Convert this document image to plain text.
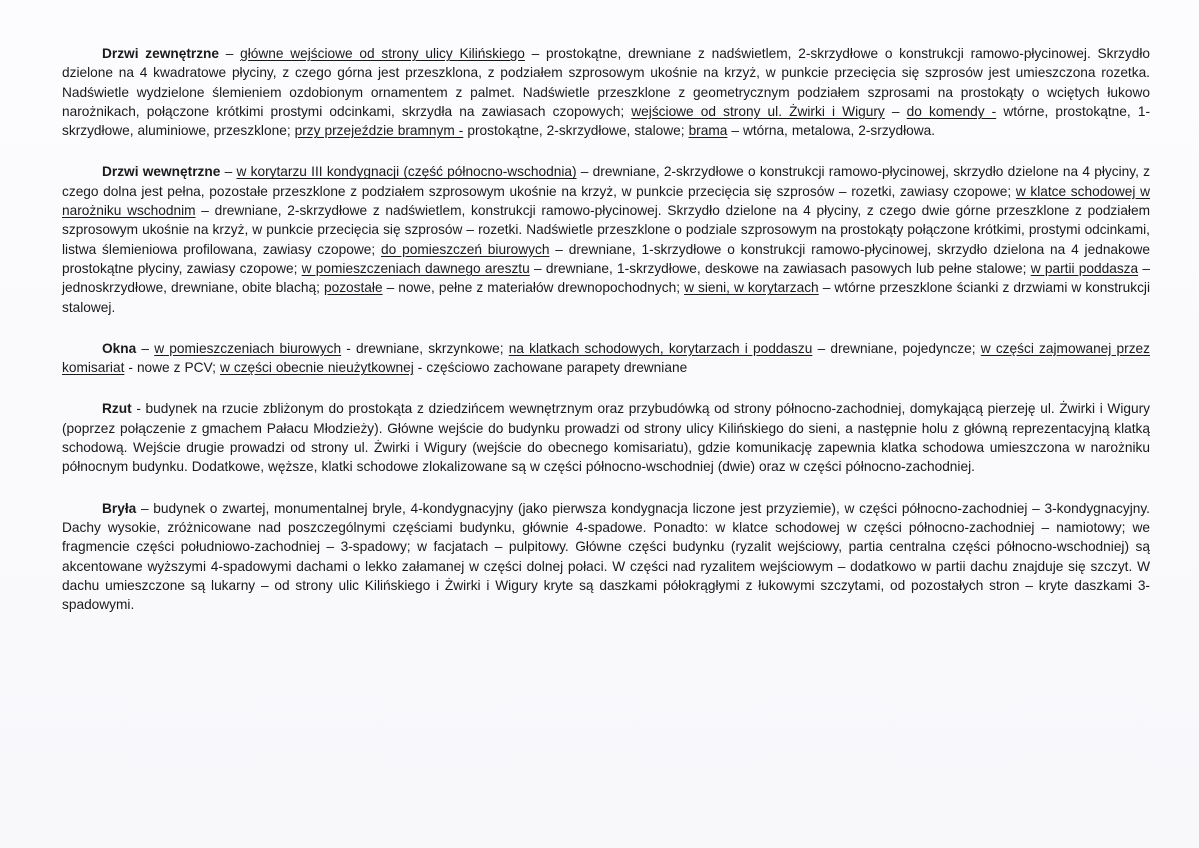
Drzwi zewnętrzne – główne wejściowe od strony ulicy Kilińskiego – prostokątne, drewniane z nadświetlem, 2-skrzydłowe o konstrukcji ramowo-płycinowej. Skrzydło dzielone na 4 kwadratowe płyciny, z czego górna jest przeszklona, z podziałem szprosowym ukośnie na krzyż, w punkcie przecięcia się szprosów jest umieszczona rozetka. Nadświetle wydzielone ślemieniem ozdobionym ornamentem z palmet. Nadświetle przeszklone z geometrycznym podziałem szprosami na prostokąty o wciętych łukowo narożnikach, połączone krótkimi prostymi odcinkami, skrzydła na zawiasach czopowych; wejściowe od strony ul. Żwirki i Wigury – do komendy - wtórne, prostokątne, 1-skrzydłowe, aluminiowe, przeszklone; przy przejeździe bramnym - prostokątne, 2-skrzydłowe, stalowe; brama – wtórna, metalowa, 2-srzydłowa.

Drzwi wewnętrzne – w korytarzu III kondygnacji (część północno-wschodnia) – drewniane, 2-skrzydłowe o konstrukcji ramowo-płycinowej, skrzydło dzielone na 4 płyciny, z czego dolna jest pełna, pozostałe przeszklone z podziałem szprosowym ukośnie na krzyż, w punkcie przecięcia się szprosów – rozetki, zawiasy czopowe; w klatce schodowej w narożniku wschodnim – drewniane, 2-skrzydłowe z nadświetlem, konstrukcji ramowo-płycinowej. Skrzydło dzielone na 4 płyciny, z czego dwie górne przeszklone z podziałem szprosowym ukośnie na krzyż, w punkcie przecięcia się szprosów – rozetki. Nadświetle przeszklone o podziale szprosowym na prostokąty połączone krótkimi, prostymi odcinkami, listwa ślemieniowa profilowana, zawiasy czopowe; do pomieszczeń biurowych – drewniane, 1-skrzydłowe o konstrukcji ramowo-płycinowej, skrzydło dzielona na 4 jednakowe prostokątne płyciny, zawiasy czopowe; w pomieszczeniach dawnego aresztu – drewniane, 1-skrzydłowe, deskowe na zawiasach pasowych lub pełne stalowe; w partii poddasza – jednoskrzydłowe, drewniane, obite blachą; pozostałe – nowe, pełne z materiałów drewnopochodnych; w sieni, w korytarzach – wtórne przeszklone ścianki z drzwiami w konstrukcji stalowej.

Okna – w pomieszczeniach biurowych - drewniane, skrzynkowe; na klatkach schodowych, korytarzach i poddaszu – drewniane, pojedyncze; w części zajmowanej przez komisariat - nowe z PCV; w części obecnie nieużytkownej - częściowo zachowane parapety drewniane

Rzut - budynek na rzucie zbliżonym do prostokąta z dziedzińcem wewnętrznym oraz przybudówką od strony północno-zachodniej, domykającą pierzeję ul. Żwirki i Wigury (poprzez połączenie z gmachem Pałacu Młodzieży). Główne wejście do budynku prowadzi od strony ulicy Kilińskiego do sieni, a następnie holu z główną reprezentacyjną klatką schodową. Wejście drugie prowadzi od strony ul. Żwirki i Wigury (wejście do obecnego komisariatu), gdzie komunikację zapewnia klatka schodowa umieszczona w narożniku północnym budynku. Dodatkowe, węższe, klatki schodowe zlokalizowane są w części północno-wschodniej (dwie) oraz w części północno-zachodniej.

Bryła – budynek o zwartej, monumentalnej bryle, 4-kondygnacyjny (jako pierwsza kondygnacja liczone jest przyziemie), w części północno-zachodniej – 3-kondygnacyjny. Dachy wysokie, zróżnicowane nad poszczególnymi częściami budynku, głównie 4-spadowe. Ponadto: w klatce schodowej w części północno-zachodniej – namiotowy; we fragmencie części południowo-zachodniej – 3-spadowy; w facjatach – pulpitowy. Główne części budynku (ryzalit wejściowy, partia centralna części północno-wschodniej) są akcentowane wyższymi 4-spadowymi dachami o lekko załamanej w części dolnej połaci. W części nad ryzalitem wejściowym – dodatkowo w partii dachu znajduje się szczyt. W dachu umieszczone są lukarny – od strony ulic Kilińskiego i Żwirki i Wigury kryte są daszkami półokrągłymi z łukowymi szczytami, od pozostałych stron – kryte daszkami 3-spadowymi.
